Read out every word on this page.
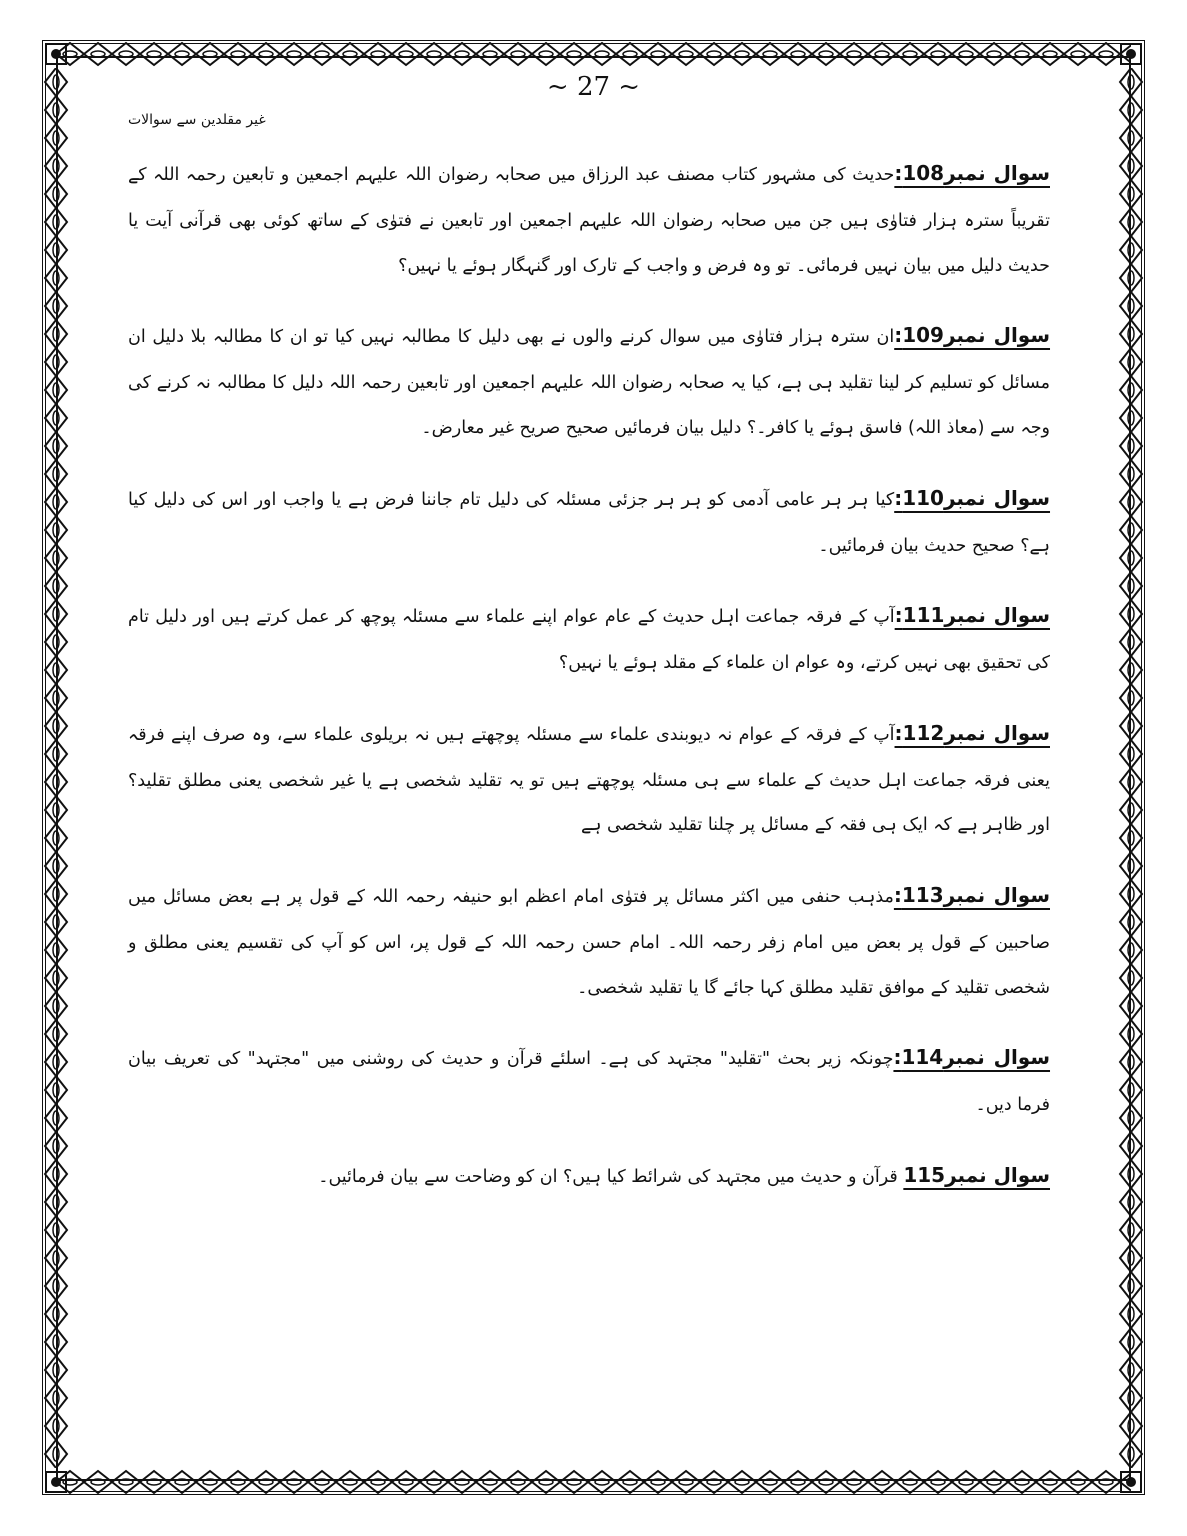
~ 27 ~
غیر مقلدین سے سوالات

سوال نمبر108:حدیث کی مشہور کتاب مصنف عبد الرزاق میں صحابہ رضوان اللہ علیہم اجمعین و تابعین رحمہ اللہ کے تقریباً سترہ ہزار فتاوٰی ہیں جن میں صحابہ رضوان اللہ علیہم اجمعین اور تابعین نے فتوٰی کے ساتھ کوئی بھی قرآنی آیت یا حدیث دلیل میں بیان نہیں فرمائی۔ تو وہ فرض و واجب کے تارک اور گنہگار ہوئے یا نہیں؟

سوال نمبر109:ان سترہ ہزار فتاوٰی میں سوال کرنے والوں نے بھی دلیل کا مطالبہ نہیں کیا تو ان کا مطالبہ بلا دلیل ان مسائل کو تسلیم کر لینا تقلید ہی ہے، کیا یہ صحابہ رضوان اللہ علیہم اجمعین اور تابعین رحمہ اللہ دلیل کا مطالبہ نہ کرنے کی وجہ سے (معاذ اللہ) فاسق ہوئے یا کافر۔؟ دلیل بیان فرمائیں صحیح صریح غیر معارض۔

سوال نمبر110:کیا ہر ہر عامی آدمی کو ہر ہر جزئی مسئلہ کی دلیل تام جاننا فرض ہے یا واجب اور اس کی دلیل کیا ہے؟ صحیح حدیث بیان فرمائیں۔

سوال نمبر111:آپ کے فرقہ جماعت اہل حدیث کے عام عوام اپنے علماء سے مسئلہ پوچھ کر عمل کرتے ہیں اور دلیل تام کی تحقیق بھی نہیں کرتے، وہ عوام ان علماء کے مقلد ہوئے یا نہیں؟

سوال نمبر112:آپ کے فرقہ کے عوام نہ دیوبندی علماء سے مسئلہ پوچھتے ہیں نہ بریلوی علماء سے، وہ صرف اپنے فرقہ یعنی فرقہ جماعت اہل حدیث کے علماء سے ہی مسئلہ پوچھتے ہیں تو یہ تقلید شخصی ہے یا غیر شخصی یعنی مطلق تقلید؟ اور ظاہر ہے کہ ایک ہی فقہ کے مسائل پر چلنا تقلید شخصی ہے

سوال نمبر113:مذہب حنفی میں اکثر مسائل پر فتوٰی امام اعظم ابو حنیفہ رحمہ اللہ کے قول پر ہے بعض مسائل میں صاحبین کے قول پر بعض میں امام زفر رحمہ اللہ۔ امام حسن رحمہ اللہ کے قول پر، اس کو آپ کی تقسیم یعنی مطلق و شخصی تقلید کے موافق تقلید مطلق کہا جائے گا یا تقلید شخصی۔

سوال نمبر114:چونکہ زیر بحث "تقلید" مجتہد کی ہے۔ اسلئے قرآن و حدیث کی روشنی میں "مجتہد" کی تعریف بیان فرما دیں۔

سوال نمبر115 قرآن و حدیث میں مجتہد کی شرائط کیا ہیں؟ ان کو وضاحت سے بیان فرمائیں۔
